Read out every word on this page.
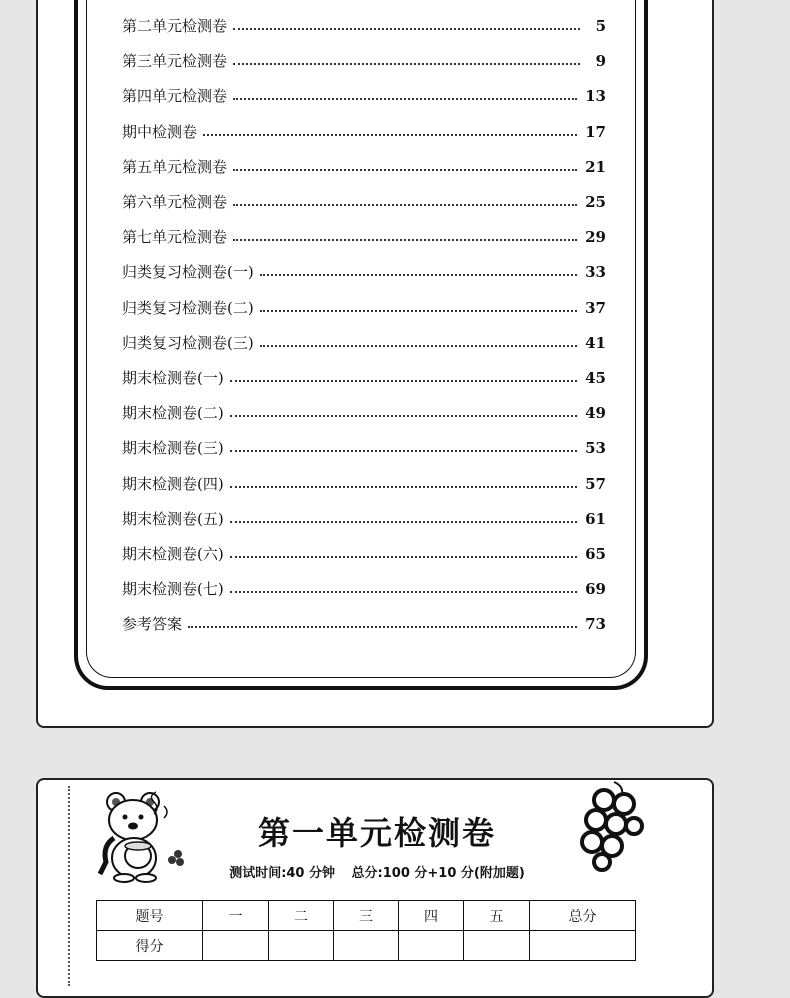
第二单元检测卷	5
第三单元检测卷	9
第四单元检测卷	13
期中检测卷	17
第五单元检测卷	21
第六单元检测卷	25
第七单元检测卷	29
归类复习检测卷(一)	33
归类复习检测卷(二)	37
归类复习检测卷(三)	41
期末检测卷(一)	45
期末检测卷(二)	49
期末检测卷(三)	53
期末检测卷(四)	57
期末检测卷(五)	61
期末检测卷(六)	65
期末检测卷(七)	69
参考答案	73
第一单元检测卷
测试时间:40 分钟 总分:100 分+10 分(附加题)
题号	一	二	三	四	五	总分
得分						
